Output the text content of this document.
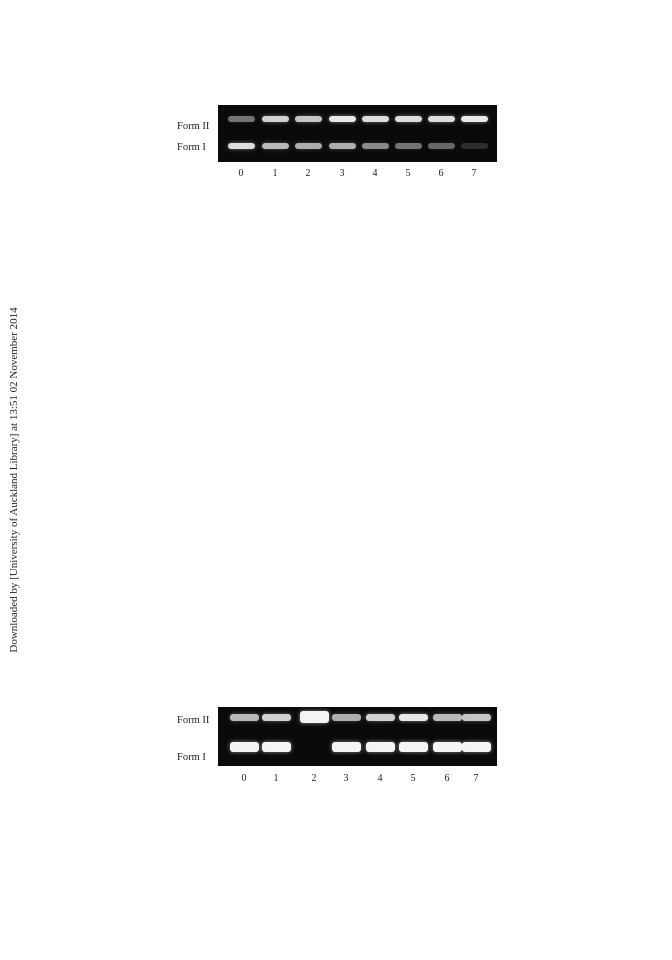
Downloaded by [University of Auckland Library] at 13:51 02 November 2014
Form II
Form I
0	1	2	3	4	5	6	7
Form II
Form I
0	1	2	3	4	5	6	7
